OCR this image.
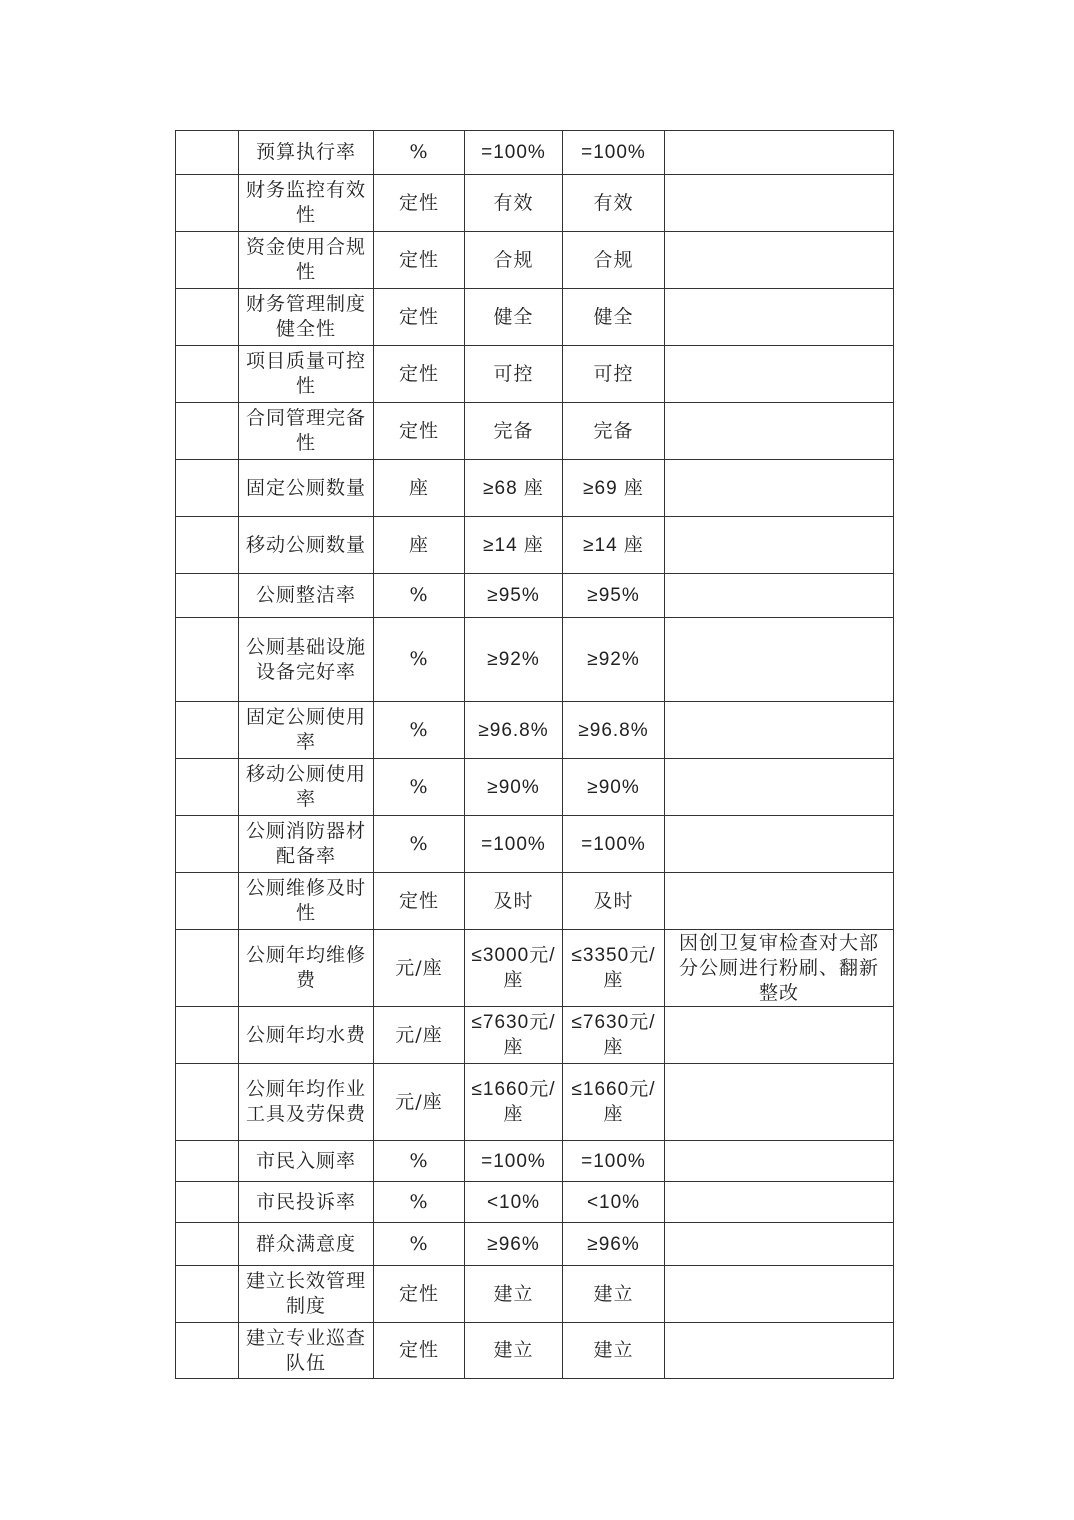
	预算执行率	%	=100%	=100%	
	财务监控有效性	定性	有效	有效	
	资金使用合规性	定性	合规	合规	
	财务管理制度健全性	定性	健全	健全	
	项目质量可控性	定性	可控	可控	
	合同管理完备性	定性	完备	完备	
	固定公厕数量	座	≥68 座	≥69 座	
	移动公厕数量	座	≥14 座	≥14 座	
	公厕整洁率	%	≥95%	≥95%	
	公厕基础设施设备完好率	%	≥92%	≥92%	
	固定公厕使用率	%	≥96.8%	≥96.8%	
	移动公厕使用率	%	≥90%	≥90%	
	公厕消防器材配备率	%	=100%	=100%	
	公厕维修及时性	定性	及时	及时	
	公厕年均维修费	元/座	≤3000元/座	≤3350元/座	因创卫复审检查对大部分公厕进行粉刷、翻新整改
	公厕年均水费	元/座	≤7630元/座	≤7630元/座	
	公厕年均作业工具及劳保费	元/座	≤1660元/座	≤1660元/座	
	市民入厕率	%	=100%	=100%	
	市民投诉率	%	<10%	<10%	
	群众满意度	%	≥96%	≥96%	
	建立长效管理制度	定性	建立	建立	
	建立专业巡查队伍	定性	建立	建立	
